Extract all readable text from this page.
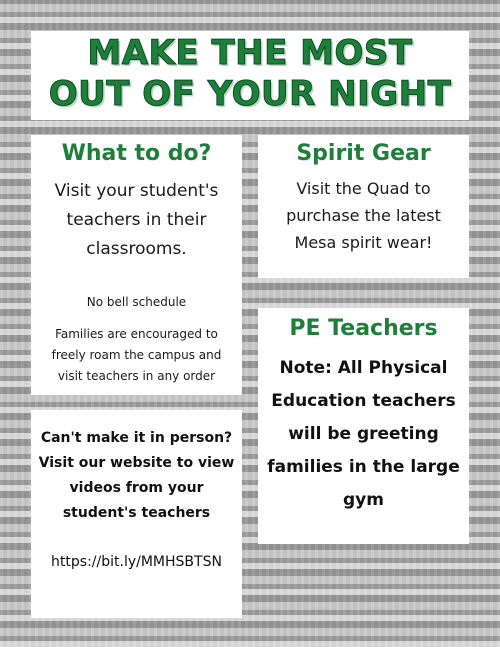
MAKE THE MOST
OUT OF YOUR NIGHT
What to do?
Visit your student's teachers in their classrooms.
No bell schedule
Families are encouraged to freely roam the campus and visit teachers in any order
Spirit Gear
Visit the Quad to purchase the latest Mesa spirit wear!
PE Teachers
Note: All Physical Education teachers will be greeting families in the large gym
Can't make it in person? Visit our website to view videos from your student's teachers
https://bit.ly/MMHSBTSN
